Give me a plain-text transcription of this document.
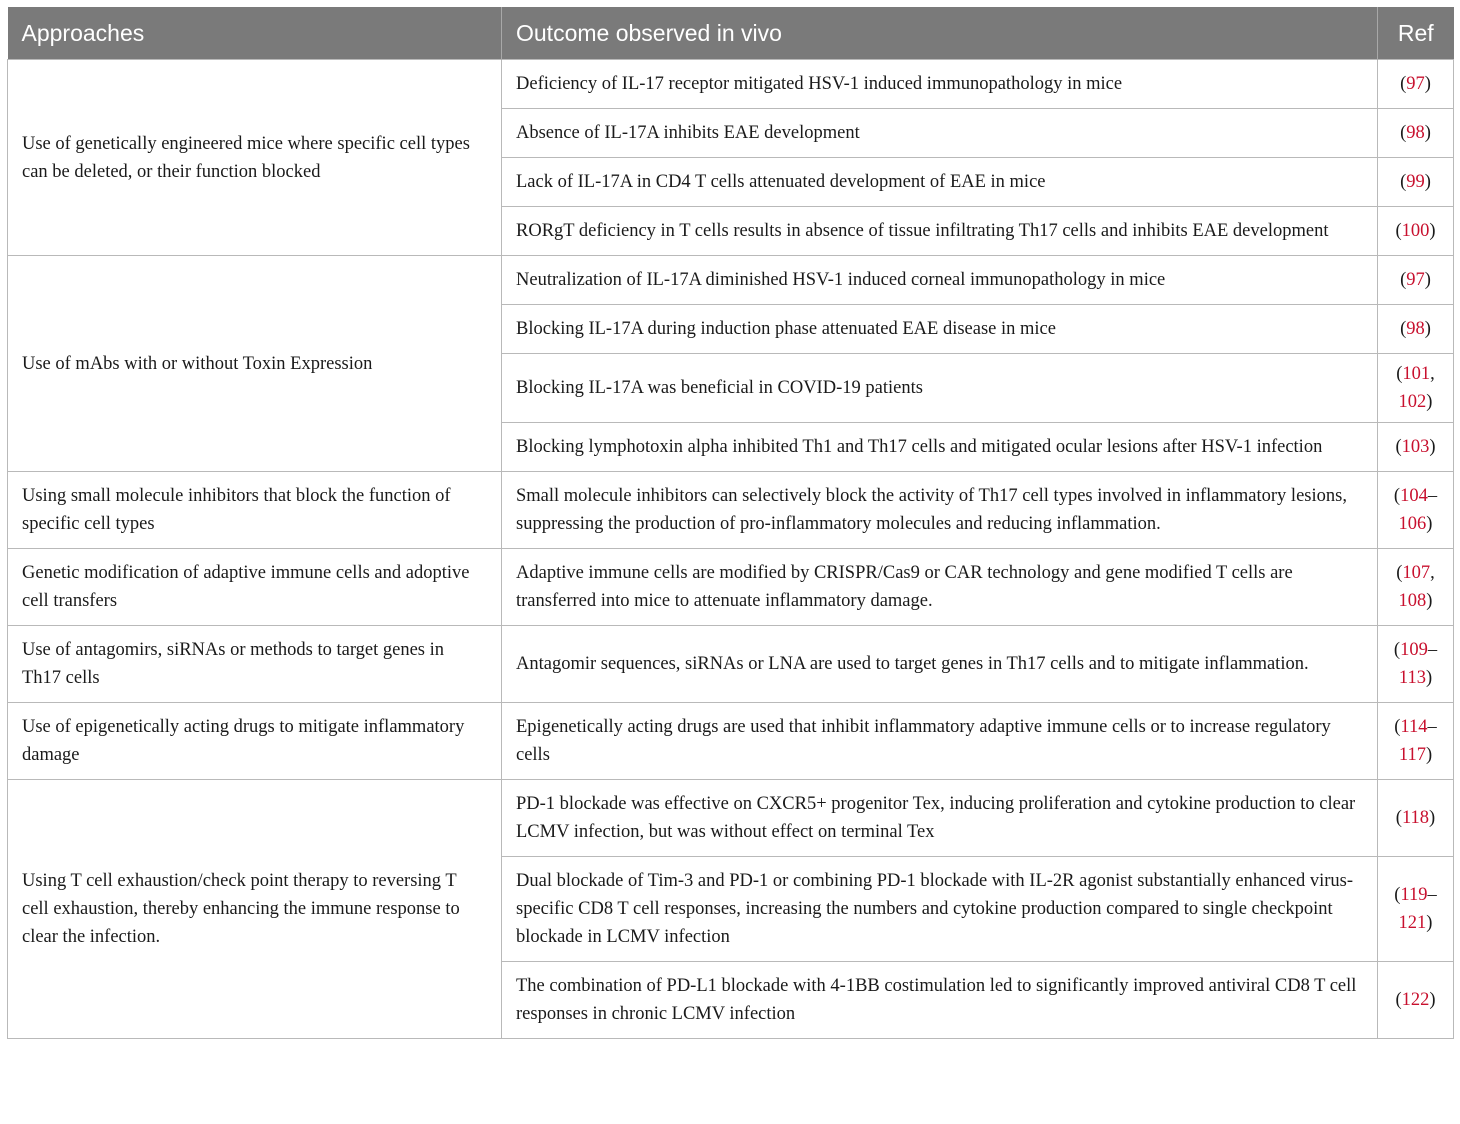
Approaches	Outcome observed in vivo	Ref
Use of genetically engineered mice where specific cell types can be deleted, or their function blocked	Deficiency of IL-17 receptor mitigated HSV-1 induced immunopathology in mice	(97)
	Absence of IL-17A inhibits EAE development	(98)
	Lack of IL-17A in CD4 T cells attenuated development of EAE in mice	(99)
	RORgT deficiency in T cells results in absence of tissue infiltrating Th17 cells and inhibits EAE development	(100)
Use of mAbs with or without Toxin Expression	Neutralization of IL-17A diminished HSV-1 induced corneal immunopathology in mice	(97)
	Blocking IL-17A during induction phase attenuated EAE disease in mice	(98)
	Blocking IL-17A was beneficial in COVID-19 patients	(101,102)
	Blocking lymphotoxin alpha inhibited Th1 and Th17 cells and mitigated ocular lesions after HSV-1 infection	(103)
Using small molecule inhibitors that block the function of specific cell types	Small molecule inhibitors can selectively block the activity of Th17 cell types involved in inflammatory lesions, suppressing the production of pro-inflammatory molecules and reducing inflammation.	(104–106)
Genetic modification of adaptive immune cells and adoptive cell transfers	Adaptive immune cells are modified by CRISPR/Cas9 or CAR technology and gene modified T cells are transferred into mice to attenuate inflammatory damage.	(107,108)
Use of antagomirs, siRNAs or methods to target genes in Th17 cells	Antagomir sequences, siRNAs or LNA are used to target genes in Th17 cells and to mitigate inflammation.	(109–113)
Use of epigenetically acting drugs to mitigate inflammatory damage	Epigenetically acting drugs are used that inhibit inflammatory adaptive immune cells or to increase regulatory cells	(114–117)
Using T cell exhaustion/check point therapy to reversing T cell exhaustion, thereby enhancing the immune response to clear the infection.	PD-1 blockade was effective on CXCR5+ progenitor Tex, inducing proliferation and cytokine production to clear LCMV infection, but was without effect on terminal Tex	(118)
	Dual blockade of Tim-3 and PD-1 or combining PD-1 blockade with IL-2R agonist substantially enhanced virus-specific CD8 T cell responses, increasing the numbers and cytokine production compared to single checkpoint blockade in LCMV infection	(119–121)
	The combination of PD-L1 blockade with 4-1BB costimulation led to significantly improved antiviral CD8 T cell responses in chronic LCMV infection	(122)
